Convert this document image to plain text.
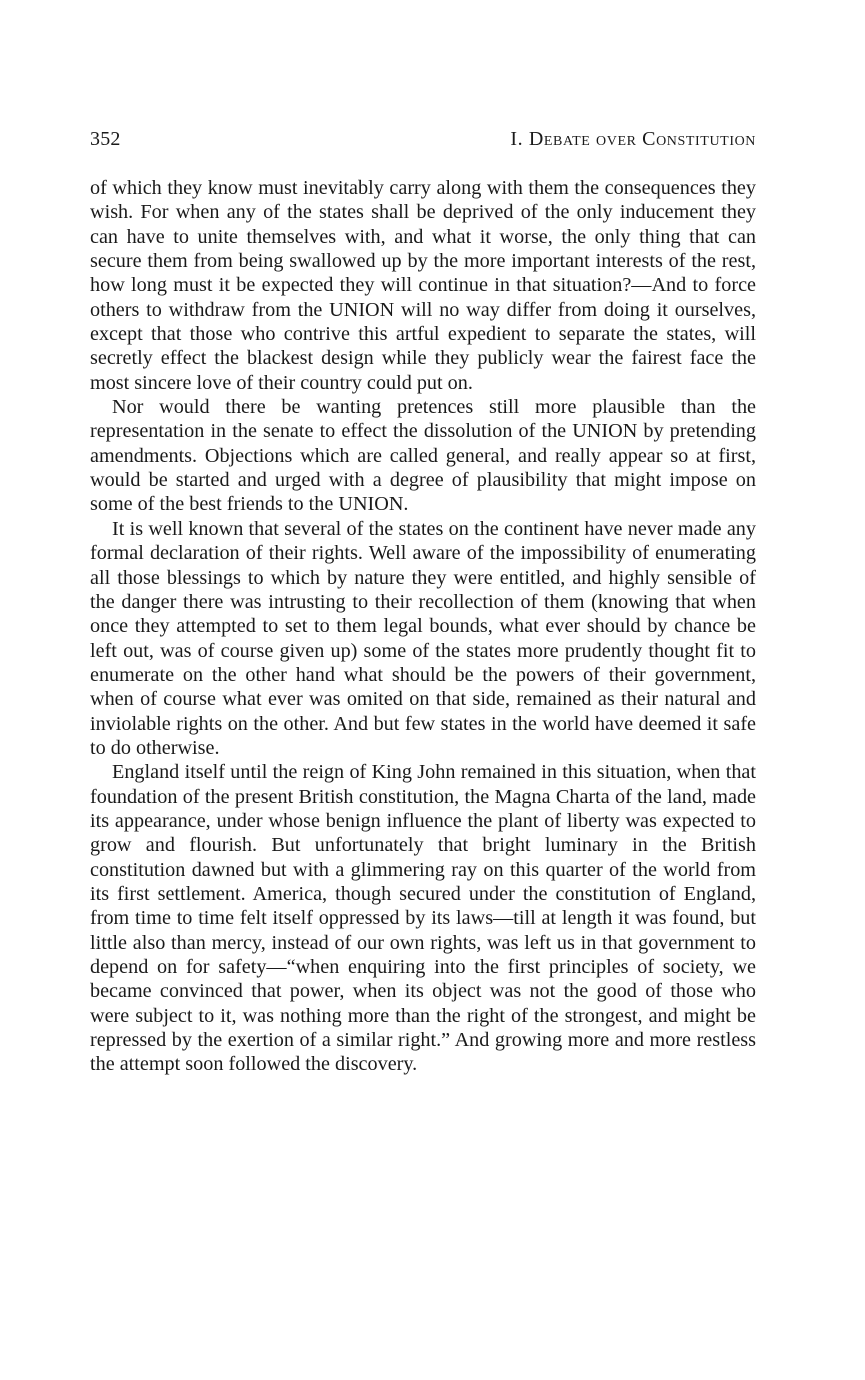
352	I. Debate over Constitution

of which they know must inevitably carry along with them the consequences they wish. For when any of the states shall be deprived of the only inducement they can have to unite themselves with, and what it worse, the only thing that can secure them from being swallowed up by the more important interests of the rest, how long must it be expected they will continue in that situation?—And to force others to withdraw from the UNION will no way differ from doing it ourselves, except that those who contrive this artful expedient to separate the states, will secretly effect the blackest design while they publicly wear the fairest face the most sincere love of their country could put on.

Nor would there be wanting pretences still more plausible than the representation in the senate to effect the dissolution of the UNION by pretending amendments. Objections which are called general, and really appear so at first, would be started and urged with a degree of plausibility that might impose on some of the best friends to the UNION.

It is well known that several of the states on the continent have never made any formal declaration of their rights. Well aware of the impossibility of enumerating all those blessings to which by nature they were entitled, and highly sensible of the danger there was intrusting to their recollection of them (knowing that when once they attempted to set to them legal bounds, what ever should by chance be left out, was of course given up) some of the states more prudently thought fit to enumerate on the other hand what should be the powers of their government, when of course what ever was omited on that side, remained as their natural and inviolable rights on the other. And but few states in the world have deemed it safe to do otherwise.

England itself until the reign of King John remained in this situation, when that foundation of the present British constitution, the Magna Charta of the land, made its appearance, under whose benign influence the plant of liberty was expected to grow and flourish. But unfortunately that bright luminary in the British constitution dawned but with a glimmering ray on this quarter of the world from its first settlement. America, though secured under the constitution of England, from time to time felt itself oppressed by its laws—till at length it was found, but little also than mercy, instead of our own rights, was left us in that government to depend on for safety—“when enquiring into the first principles of society, we became convinced that power, when its object was not the good of those who were subject to it, was nothing more than the right of the strongest, and might be repressed by the exertion of a similar right.” And growing more and more restless the attempt soon followed the discovery.
